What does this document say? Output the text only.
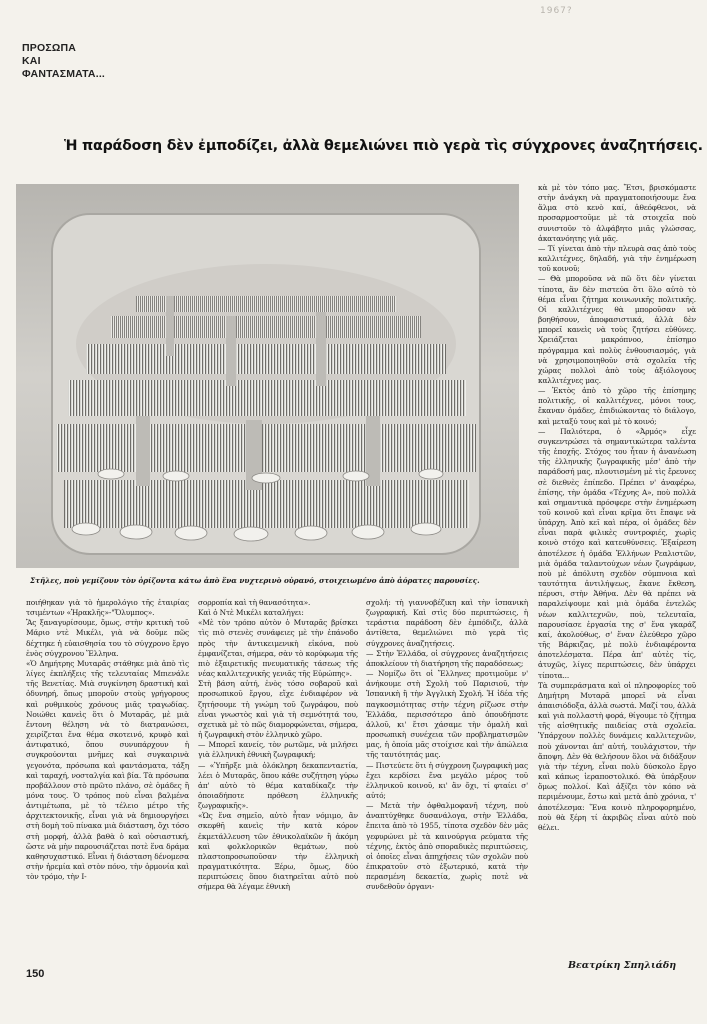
1967?
ΠΡΟΣΩΠΑ
ΚΑΙ
ΦΑΝΤΑΣΜΑΤΑ...
Ἡ παράδοση δὲν ἐμποδίζει, ἀλλὰ θεμελιώνει πιὸ γερὰ τὶς σύγχρονες ἀναζητήσεις.
Στῆλες, ποὺ γεμίζουν τὸν ὁρίζοντα κάτω ἀπὸ ἕνα νυχτερινὸ οὐρανό, στοιχειωμένο ἀπὸ ἀόρατες παρουσίες.

ποιήθηκαν γιὰ τὸ ἡμερολόγιο τῆς ἑταιρίας τσιμέντων «Ἡρακλῆς»-"Ὄλυμπος».
Ἂς ξαναγυρίσουμε, ὅμως, στὴν κριτικὴ τοῦ Μάριο ντὲ Μικέλι, γιὰ νὰ δοῦμε πῶς δέχτηκε ἡ εὐαισθησία του τὸ σύγχρονο ἔργο ἑνὸς σύγχρονου Ἕλληνα.
«Ὁ Δημήτρης Μυταρᾶς στάθηκε μιὰ ἀπὸ τὶς λίγες ἐκπλήξεις τῆς τελευταίας Μπιενάλε τῆς Βενετίας. Μιὰ συγκίνηση δραστικὴ καὶ ὀδυνηρή, ὅπως μποροῦν στοὺς γρήγορους καὶ ρυθμικοὺς χρόνους μιᾶς τραγωδίας. Νοιώθει κανεὶς ὅτι ὁ Μυταρᾶς, μὲ μιὰ ἔντονη θέληση νὰ τὸ διατρανώσει, χειρίζεται ἕνα θέμα σκοτεινό, κρυφὸ καὶ ἀντιφατικό, ὅπου συνυπάρχουν ἡ συγκρούονται μνῆμες καὶ συγκαιρινὰ γεγονότα, πρόσωπα καὶ φαντάσματα, τάξη καὶ ταραχή, νοσταλγία καὶ βία. Τὰ πρόσωπα προβάλλουν στὸ πρῶτο πλάνο, σὲ ὁμάδες ἢ μόνα τους. Ὁ τρόπος ποὺ εἶναι βαλμένα ἀντιμέτωπα, μὲ τὸ τέλειο μέτρο τῆς ἀρχιτεκτονικῆς, εἶναι γιὰ νὰ δημιουργήσει στὴ δομὴ τοῦ πίνακα μιὰ διάσταση, ὄχι τόσο στὴ μορφή, ἀλλὰ βαθὰ ὁ καὶ οὐσιαστική, ὥστε νὰ μὴν παρουσιάζεται ποτὲ ἕνα δράμα καθησυχαστικό. Εἶναι ἡ διάσταση δένομεσα στὴν ἠρεμία καὶ στὸν πόνο, τὴν ὁρμονία καὶ τὸν τρόμο, τὴν Ι-

σορροπία καὶ τὴ θανασότητα».
Καὶ ὁ Ντὲ Μικέλι καταλήγει:
«Μὲ τὸν τρόπο αὐτὸν ὁ Μυταρᾶς βρίσκει τὶς πιὸ στενὲς συνάφειες μὲ τὴν ἐπάνοδο πρὸς τὴν ἀντικειμενικὴ εἰκόνα, ποὺ ἐμφανίζεται, σήμερα, σὰν τὸ κορύφωμα τῆς πιὸ ἐξαιρετικῆς πνευματικῆς τάσεως τῆς νέας καλλιτεχνικῆς γενιᾶς τῆς Εὐρώπης».
Στὴ βάση αὐτή, ἑνὸς τόσο σοβαροῦ καὶ προσωπικοῦ ἔργου, εἴχε ἐνδιαφέρον νὰ ζητήσουμε τὴ γνώμη τοῦ ζωγράφου, ποὺ εἶναι γνωστὸς καὶ γιὰ τὴ σεμνότητά του, σχετικὰ μὲ τὸ πῶς διαμορφώνεται, σήμερα, ἡ ζωγραφικὴ στὸν ἑλληνικὸ χῶρο.
— Μπορεῖ κανείς, τὸν ρωτῶμε, νὰ μιλήσει γιὰ ἑλληνικὴ ἐθνικὴ ζωγραφική;
— «Ὑπῆρξε μιὰ ὁλόκληρη δεκαπενταετία, λέει ὁ Μυταρᾶς, ὅπου κάθε συζήτηση γύρω ἀπ' αὐτὸ τὸ θέμα καταδίκαζε τὴν ὁποιαδήποτε πρόθεση ἑλληνικῆς ζωγραφικῆς».
«Ὡς ἕνα σημεῖο, αὐτὸ ἦταν νόμιμο, ἂν σκεφθῆ κανεὶς τὴν κατὰ κόρον ἐκμετάλλευση τῶν ἐθνικολαϊκῶν ἢ ἀκόμη καὶ φολκλορικῶν θεμάτων, ποὺ πλαστοπροσωποῦσαν τὴν ἑλληνικὴ πραγματικότητα. Ξέρω, ὅμως, δύο περιπτώσεις ὅπου διατηρεῖται αὐτὸ ποὺ σήμερα θὰ λέγαμε ἐθνικὴ

σχολή: τὴ γιαννοβέζικη καὶ τὴν ἱσπανικὴ ζωγραφική. Καὶ στὶς δύο περιπτώσεις, ἡ τεράστια παράδοση δὲν ἐμπόδιζε, ἀλλὰ ἀντίθετα, θεμελιώνει πιὸ γερὰ τὶς σύγχρονες ἀναζητήσεις.
— Στὴν Ἑλλάδα, οἱ σύγχρονες ἀναζητήσεις ἀποκλείουν τὴ διατήρηση τῆς παραδόσεως;
— Νομίζω ὅτι οἱ Ἕλληνες προτιμοῦμε ν' ἀνήκουμε στὴ Σχολὴ τοῦ Παρισιοῦ, τὴν Ἱσπανικὴ ἢ τὴν Ἀγγλικὴ Σχολή. Ἡ ἰδέα τῆς παγκοσμιότητας στὴν τέχνη ρίζωσε στὴν Ἑλλάδα, περισσότερο ἀπὸ ὁπουδήποτε ἀλλοῦ, κι' ἔτσι χάσαμε τὴν ὁμαλὴ καὶ προσωπικὴ συνέχεια τῶν προβληματισμῶν μας, ἡ ὁποία μᾶς στοίχισε καὶ τὴν ἀπώλεια τῆς ταυτότητάς μας.
— Πιστεύετε ὅτι ἡ σύγχρονη ζωγραφικὴ μας ἔχει κερδίσει ἕνα μεγάλο μέρος τοῦ ἑλληνικοῦ κοινοῦ, κι' ἂν ὄχι, τί φταίει σ' αὐτό;
— Μετὰ τὴν ὀφθαλμοφανῆ τέχνη, ποὺ ἀναπτύχθηκε δυσανάλογα, στὴν Ἑλλάδα, ἔπειτα ἀπὸ τὸ 1955, τίποτα σχεδὸν δὲν μᾶς γεφυρώνει μὲ τὰ καινούργια ρεύματα τῆς τέχνης, ἐκτὸς ἀπὸ σποραδικὲς περιπτώσεις, οἱ ὁποῖες εἶναι ἀπηχήσεις τῶν σχολῶν ποὺ ἐπικρατοῦν στὸ ἐξωτερικό, κατὰ τὴν περασμένη δεκαετία, χωρὶς ποτὲ νὰ συνδεθοῦν ὀργανι-

κὰ μὲ τὸν τόπο μας. Ἔτσι, βρισκόμαστε στὴν ἀνάγκη νὰ πραγματοποιήσουμε ἕνα ἅλμα στὸ κενὸ καί, ἀθεόφθενοι, νὰ προσαρμοστοῦμε μὲ τὰ στοιχεῖα ποὺ συνιστοῦν τὸ ἀλφάβητο μιᾶς γλώσσας, ἀκατανόητης γιὰ μᾶς.
— Τί γίνεται ἀπὸ τὴν πλευρὰ σας ἀπὸ τοὺς καλλιτέχνες, δηλαδή, γιὰ τὴν ἐνημέρωση τοῦ κοινοῦ;
— Θὰ μποροῦσα νὰ πῶ ὅτι δὲν γίνεται τίποτα, ἂν δὲν πιστεύα ὅτι ὅλο αὐτὸ τὸ θέμα εἶναι ζήτημα κοινωνικῆς πολιτικῆς. Οἱ καλλιτέχνες θὰ μποροῦσαν νὰ βοηθήσουν, ἀποφασιστικά, ἀλλὰ δὲν μπορεῖ κανεὶς νὰ τοὺς ζητήσει εὐθύνες. Χρειάζεται μακρόπνοο, ἐπίσημο πρόγραμμα καὶ πολὺς ἐνθουσιασμός, γιὰ νὰ χρησιμοποιηθοῦν στὰ σχολεῖα τῆς χώρας πολλοὶ ἀπὸ τοὺς ἀξιόλογους καλλιτέχνες μας.
— Ἐκτὸς ἀπὸ τὸ χῶρο τῆς ἐπίσημης πολιτικῆς, οἱ καλλιτέχνες, μόνοι τους, ἔκαναν ὁμάδες, ἐπιδιώκοντας τὸ διάλογο, καὶ μεταξύ τους καὶ μὲ τὸ κοινό;
— Παλιότερα, ὁ «Ἁρμός» εἶχε συγκεντρώσει τὰ σημαντικώτερα ταλέντα τῆς ἐποχῆς. Στόχος του ἦταν ἡ ἀνανέωση τῆς ἑλληνικῆς ζωγραφικῆς μέσ' ἀπὸ τὴν παράδοσή μας, πλουτισμένη μὲ τὶς ἔρευνες σὲ διεθνὲς ἐπίπεδο. Πρέπει ν' ἀναφέρω, ἐπίσης, τὴν ὁμάδα «Τέχνης Α», ποὺ πολλὰ καὶ σημαντικὰ πρόσφερε στὴν ἐνημέρωση τοῦ κοινοῦ καὶ εἶναι κρῖμα ὅτι ἔπαψε νὰ ὑπάρχη. Ἀπὸ κεῖ καὶ πέρα, οἱ ὁμάδες δὲν εἶναι παρὰ φιλικὲς συντροφιές, χωρὶς κοινὸ στόχο καὶ κατευθύνσεις. Ἐξαίρεση ἀποτέλεσε ἡ ὁμάδα Ἑλλήνων Ρεαλιστῶν, μιὰ ὁμάδα ταλαντούχων νέων ζωγράφων, ποὺ μὲ ἀπόλυτη σχεδὸν σύμπνοια καὶ ταυτότητα ἀντιλήψεως, ἔκανε ἔκθεση, πέρυσι, στὴν Ἀθήνα. Δὲν θὰ πρέπει νὰ παραλείψουμε καὶ μιὰ ὁμάδα ἐντελῶς νέων καλλιτεχνῶν, ποὺ, τελευταῖα, παρουσίασε ἐργασία της σ' ἕνα γκαράζ καί, ἀκολούθως, σ' ἕναν ἐλεύθερο χῶρο τῆς Βάρκιζας, μὲ πολὺ ἐνδιαφέροντα ἀποτελέσματα. Πέρα ἀπ' αὐτὲς τίς, ἀτυχῶς, λίγες περιπτώσεις, δὲν ὑπάρχει τίποτα...
Τὰ συμπεράσματα καὶ οἱ πληροφορίες τοῦ Δημήτρη Μυταρᾶ μπορεῖ νὰ εἶναι ἀπαισιόδοξα, ἀλλὰ σωστά. Μαζί του, ἀλλὰ καὶ γιὰ πολλαστὴ φορά, θίγουμε τὸ ζήτημα τῆς αἰσθητικῆς παιδείας στὰ σχολεῖα. Ὑπάρχουν πολλὲς δυνάμεις καλλιτεχνῶν, ποὺ χάνονται ἀπ' αὐτή, τουλάχιστον, τὴν ἄποψη. Δὲν θὰ θελήσουν ὅλοι νὰ διδάξουν γιὰ τὴν τέχνη, εἶναι πολὺ δύσκολο ἔργο καὶ κάπως ἱεραποστολικό. Θὰ ὑπάρξουν ὅμως πολλοί. Καὶ ἀξίζει τὸν κόπο νὰ περιμένουμε, ἔστω καὶ μετὰ ἀπὸ χρόνια, τ' ἀποτέλεσμα: Ἕνα κοινὸ πληροφορημένο, ποὺ θὰ ξέρη τί ἀκριβῶς εἶναι αὐτὸ ποὺ θέλει.

Βεατρίκη Σπηλιάδη
150
